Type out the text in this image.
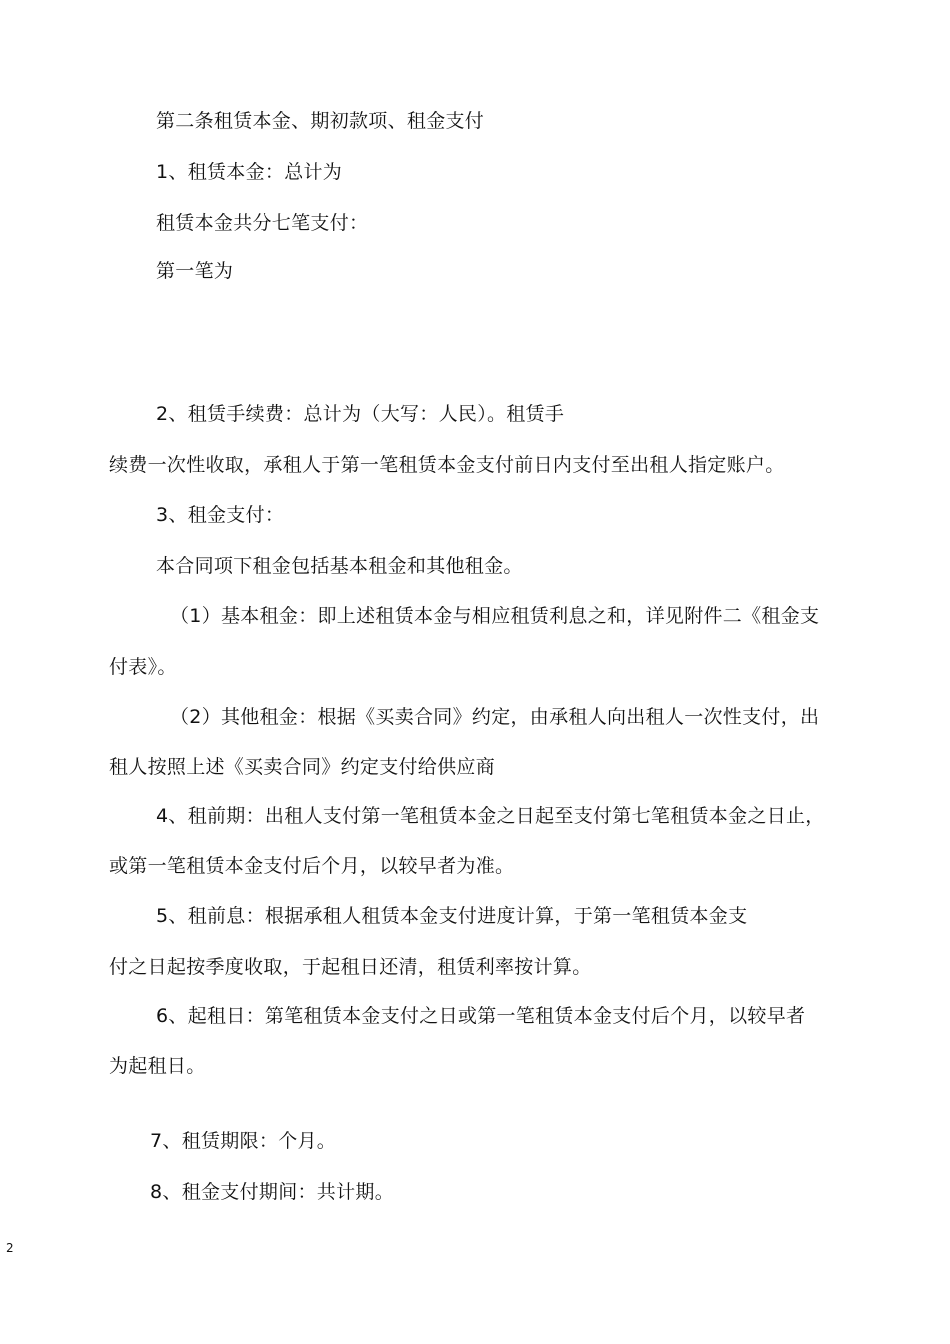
第二条租赁本金、期初款项、租金支付
1、租赁本金：总计为
租赁本金共分七笔支付：
第一笔为
2、租赁手续费：总计为（大写：人民）。租赁手
续费一次性收取，承租人于第一笔租赁本金支付前日内支付至出租人指定账户。
3、租金支付：
本合同项下租金包括基本租金和其他租金。
（1）基本租金：即上述租赁本金与相应租赁利息之和，详见附件二《租金支
付表》。
（2）其他租金：根据《买卖合同》约定，由承租人向出租人一次性支付，出
租人按照上述《买卖合同》约定支付给供应商
4、租前期：出租人支付第一笔租赁本金之日起至支付第七笔租赁本金之日止，
或第一笔租赁本金支付后个月，以较早者为准。
5、租前息：根据承租人租赁本金支付进度计算，于第一笔租赁本金支
付之日起按季度收取，于起租日还清，租赁利率按计算。
6、起租日：第笔租赁本金支付之日或第一笔租赁本金支付后个月，以较早者
为起租日。
7、租赁期限：个月。
8、租金支付期间：共计期。
2
